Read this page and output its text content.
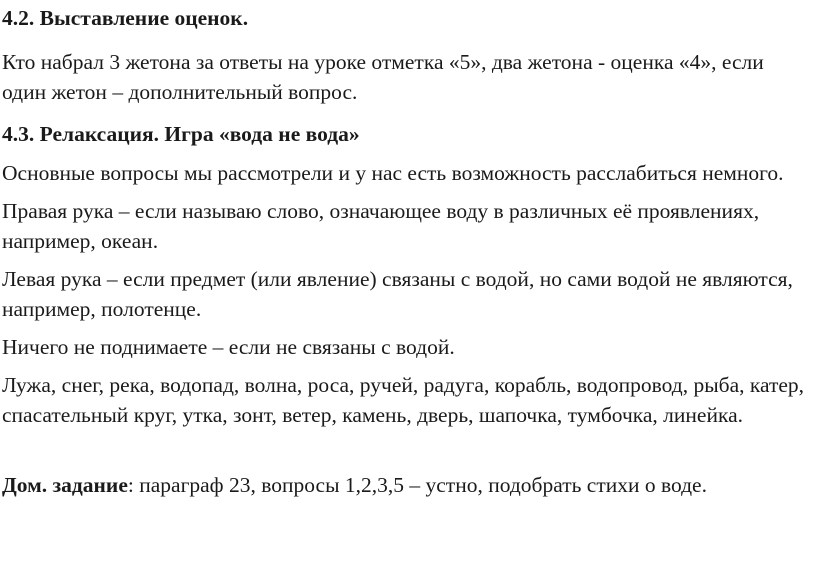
4.2. Выставление оценок.

Кто набрал 3 жетона за ответы на уроке отметка «5», два жетона - оценка «4», если один жетон – дополнительный вопрос.

4.3. Релаксация. Игра «вода не вода»

Основные вопросы мы рассмотрели и у нас есть возможность расслабиться немного.

Правая рука – если называю слово, означающее воду в различных её проявлениях, например, океан.

Левая рука – если предмет (или явление) связаны с водой, но сами водой не являются, например, полотенце.

Ничего не поднимаете – если не связаны с водой.

Лужа, снег, река, водопад, волна, роса, ручей, радуга, корабль, водопровод, рыба, катер, спасательный круг, утка, зонт, ветер, камень, дверь, шапочка, тумбочка, линейка.

Дом. задание: параграф 23, вопросы 1,2,3,5 – устно, подобрать стихи о воде.
